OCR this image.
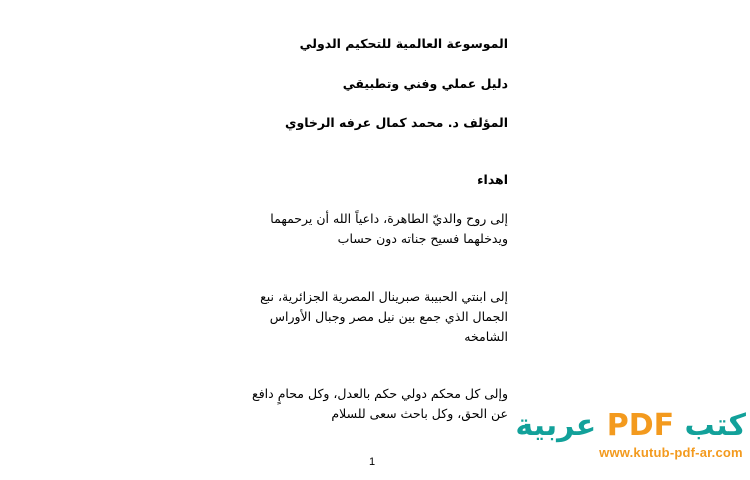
الموسوعة العالمية للتحكيم الدولي
دليل عملي وفني وتطبيقي
المؤلف د. محمد كمال عرفه الرخاوي
اهداء
إلى روح والديّ الطاهرة، داعياً الله أن يرحمهما
ويدخلهما فسيح جناته دون حساب
إلى ابنتي الحبيبة صبرينال المصرية الجزائرية، نبع
الجمال الذي جمع بين نيل مصر وجبال الأوراس
الشامخه
وإلى كل محكم دولي حكم بالعدل، وكل محامٍ دافع
عن الحق، وكل باحث سعى للسلام
1
كتب PDF عربية
www.kutub-pdf-ar.com
